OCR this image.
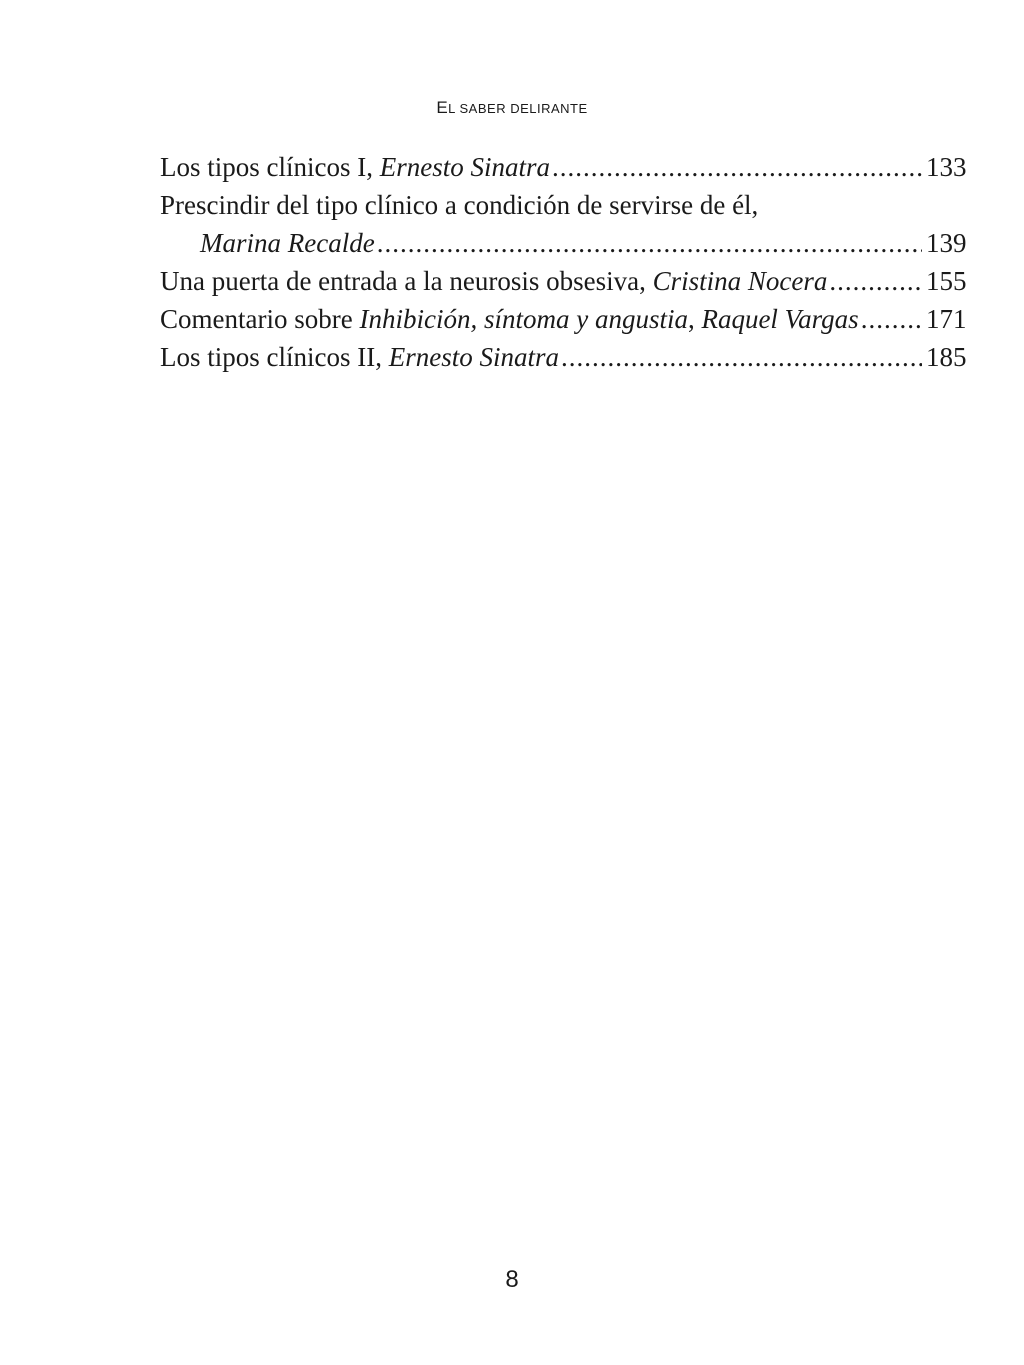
EL SABER DELIRANTE
Los tipos clínicos I, Ernesto Sinatra .....	133
Prescindir del tipo clínico a condición de servirse de él,
Marina Recalde .....	139
Una puerta de entrada a la neurosis obsesiva, Cristina Nocera .....	155
Comentario sobre Inhibición, síntoma y angustia, Raquel Vargas ..... 171
Los tipos clínicos II, Ernesto Sinatra .....	185
8
